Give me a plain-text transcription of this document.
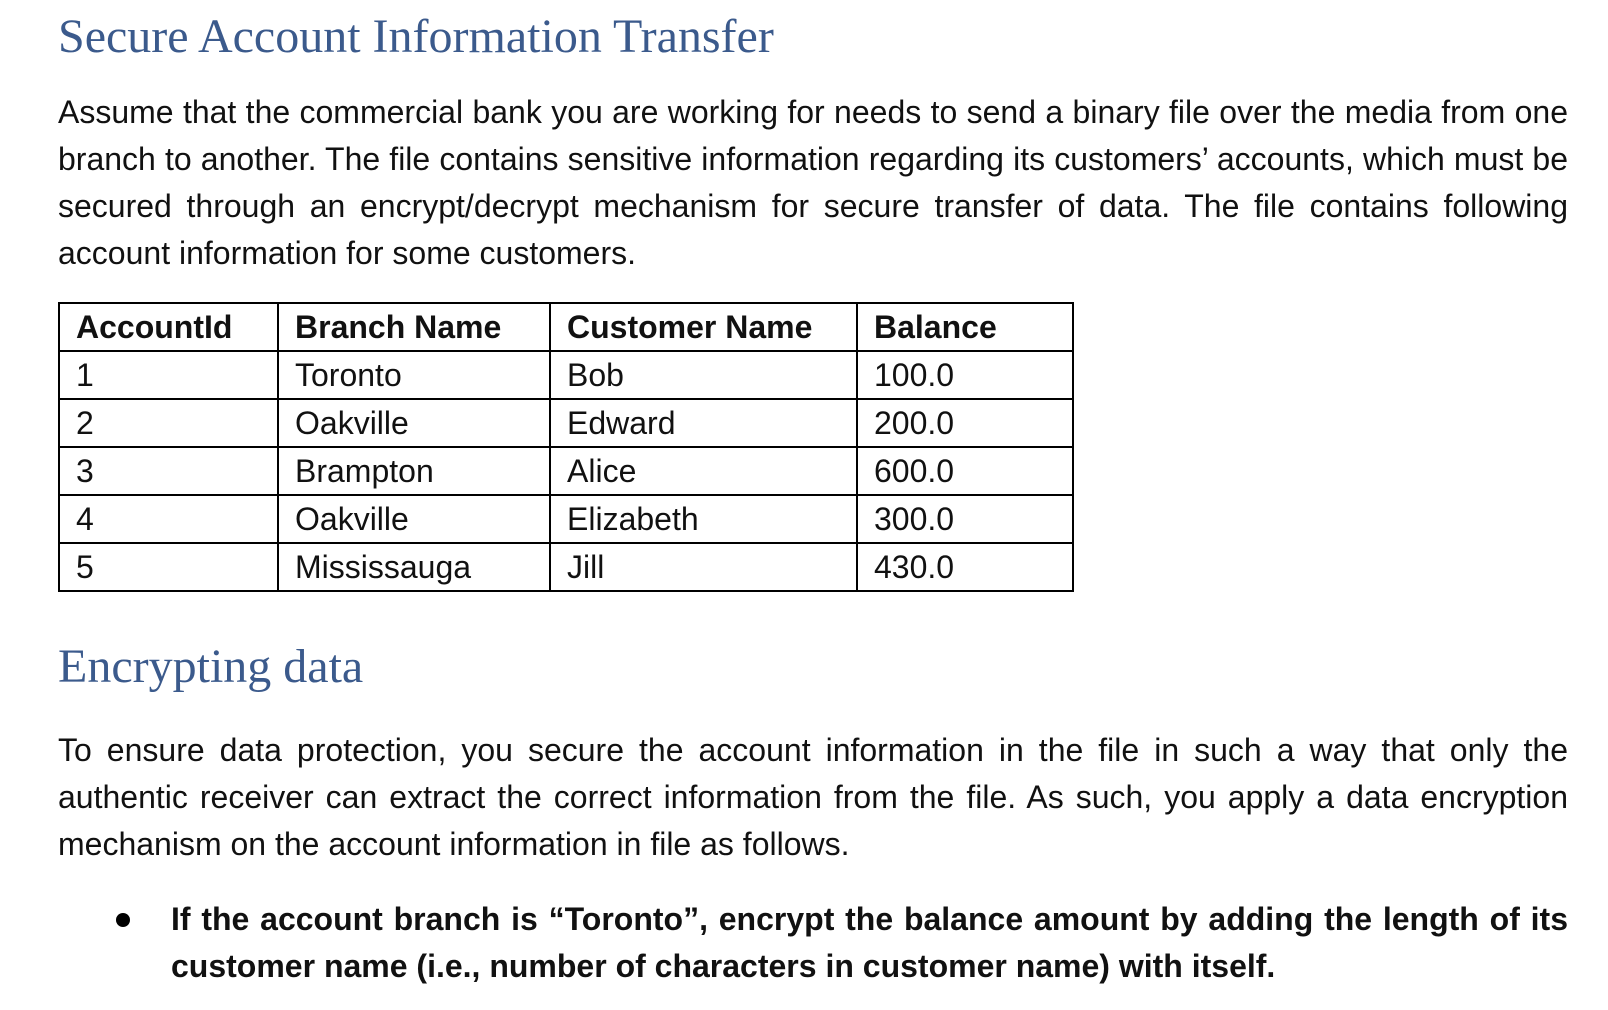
Secure Account Information Transfer

Assume that the commercial bank you are working for needs to send a binary file over the media from one branch to another. The file contains sensitive information regarding its customers’ accounts, which must be secured through an encrypt/decrypt mechanism for secure transfer of data. The file contains following account information for some customers.

AccountId	Branch Name	Customer Name	Balance
1	Toronto	Bob	100.0
2	Oakville	Edward	200.0
3	Brampton	Alice	600.0
4	Oakville	Elizabeth	300.0
5	Mississauga	Jill	430.0
Encrypting data

To ensure data protection, you secure the account information in the file in such a way that only the authentic receiver can extract the correct information from the file. As such, you apply a data encryption mechanism on the account information in file as follows.

If the account branch is “Toronto”, encrypt the balance amount by adding the length of its customer name (i.e., number of characters in customer name) with itself.
